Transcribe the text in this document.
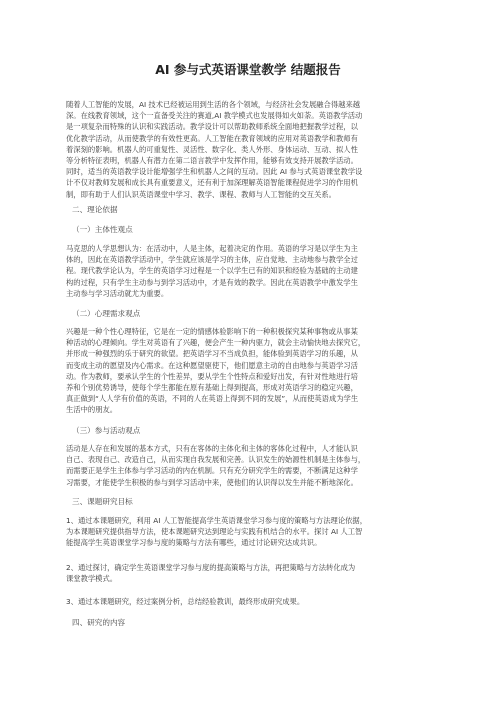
AI 参与式英语课堂教学 结题报告
随着人工智能的发展，AI 技术已经被运用到生活的各个领域，与经济社会发展融合得越来越
深。在线教育领域，这个一直备受关注的赛道,AI 教学模式也发展得如火如荼。英语教学活动
是一项复杂而特殊的认识和实践活动。教学设计可以帮助教师系统全面地把握教学过程，以
优化教学活动，从而使教学的有效性更高。人工智能在教育领域的应用对英语教学和教师有
着深刻的影响。机器人的可重复性、灵活性、数字化、类人外形、身体运动、互动、拟人性
等分析特征表明，机器人有潜力在第二语言教学中发挥作用，能够有效支持开展教学活动。
同时，适当的英语教学设计能增强学生和机器人之间的互动。因此 AI 参与式英语课堂教学设
计不仅对教师发展和成长具有重要意义，还有利于加深理解英语智能课程促进学习的作用机
制，即有助于人们认识英语课堂中学习、教学、课程、教师与人工智能的交互关系。
二、理论依据
（一）主体性观点
马克思的人学思想认为：在活动中，人是主体，起着决定的作用。英语的学习是以学生为主
体的，因此在英语教学活动中，学生就应该是学习的主体，应自觉地、主动地参与教学全过
程。现代教学论认为，学生的英语学习过程是一个以学生已有的知识和经验为基础的主动建
构的过程，只有学生主动参与到学习活动中，才是有效的教学。因此在英语教学中激发学生
主动参与学习活动就尤为重要。
（二）心理需求观点
兴趣是一种个性心理特征，它是在一定的情感体验影响下的一种积极探究某种事物或从事某
种活动的心理倾向。学生对英语有了兴趣，便会产生一种内驱力，就会主动愉快地去探究它，
并形成一种强烈的乐于研究的欲望。把英语学习不当成负担，能体验到英语学习的乐趣，从
而变成主动的愿望及内心需求。在这种愿望驱使下，他们愿意主动的自由地参与英语学习活
动。作为教师，要承认学生的个性差异，要从学生个性特点和爱好出发，有针对性地进行培
养和个别优势诱导，使每个学生都能在原有基础上得到提高，形成对英语学习的稳定兴趣，
真正做到“人人学有价值的英语，不同的人在英语上得到不同的发展”，从而使英语成为学生
生活中的朋友。
（三）参与活动观点
活动是人存在和发展的基本方式，只有在客体的主体化和主体的客体化过程中，人才能认识
自己、表现自己、改造自己，从而实现自我发展和完善。认识发生的始源性机制是主体参与，
而需要正是学生主体参与学习活动的内在机制。只有充分研究学生的需要，不断满足这种学
习需要，才能使学生积极的参与到学习活动中来，使他们的认识得以发生并能不断地深化。
三、课题研究目标
1、通过本课题研究，利用 AI 人工智能提高学生英语课堂学习参与度的策略与方法理论依据，
为本课题研究提供指导方法，使本课题研究达到理论与实践有机结合的水平。探讨 AI 人工智
能提高学生英语课堂学习参与度的策略与方法有哪些，通过讨论研究达成共识。
2、通过探讨，确定学生英语课堂学习参与度的提高策略与方法，再把策略与方法转化成为
课堂教学模式。
3、通过本课题研究，经过案例分析，总结经验教训，最终形成研究成果。
四、研究的内容
